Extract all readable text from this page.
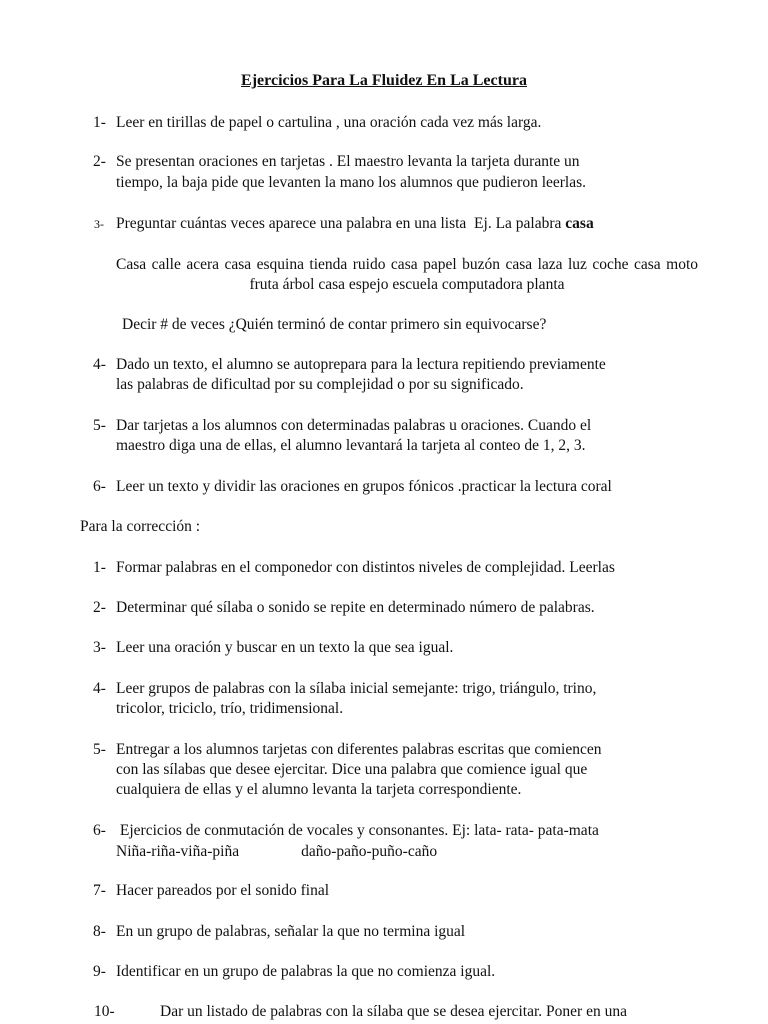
Ejercicios Para La Fluidez En La Lectura
1- Leer en tirillas de papel o cartulina , una oración cada vez más larga.
2- Se presentan oraciones en tarjetas . El maestro levanta la tarjeta durante un
tiempo, la baja pide que levanten la mano los alumnos que pudieron leerlas.
3- Preguntar cuántas veces aparece una palabra en una lista  Ej. La palabra casa
Casa calle acera casa esquina tienda ruido casa papel buzón casa laza luz coche casa moto fruta árbol casa espejo escuela computadora planta
Decir # de veces ¿Quién terminó de contar primero sin equivocarse?
4- Dado un texto, el alumno se autoprepara para la lectura repitiendo previamente
las palabras de dificultad por su complejidad o por su significado.
5- Dar tarjetas a los alumnos con determinadas palabras u oraciones. Cuando el
maestro diga una de ellas, el alumno levantará la tarjeta al conteo de 1, 2, 3.
6- Leer un texto y dividir las oraciones en grupos fónicos .practicar la lectura coral
Para la corrección :
1- Formar palabras en el componedor con distintos niveles de complejidad. Leerlas
2- Determinar qué sílaba o sonido se repite en determinado número de palabras.
3- Leer una oración y buscar en un texto la que sea igual.
4- Leer grupos de palabras con la sílaba inicial semejante: trigo, triángulo, trino,
tricolor, triciclo, trío, tridimensional.
5- Entregar a los alumnos tarjetas con diferentes palabras escritas que comiencen
con las sílabas que desee ejercitar. Dice una palabra que comience igual que
cualquiera de ellas y el alumno levanta la tarjeta correspondiente.
6- Ejercicios de conmutación de vocales y consonantes. Ej: lata- rata- pata-mata
Niña-riña-viña-piña	daño-paño-puño-caño
7- Hacer pareados por el sonido final
8- En un grupo de palabras, señalar la que no termina igual
9- Identificar en un grupo de palabras la que no comienza igual.
10-	Dar un listado de palabras con la sílaba que se desea ejercitar. Poner en una
